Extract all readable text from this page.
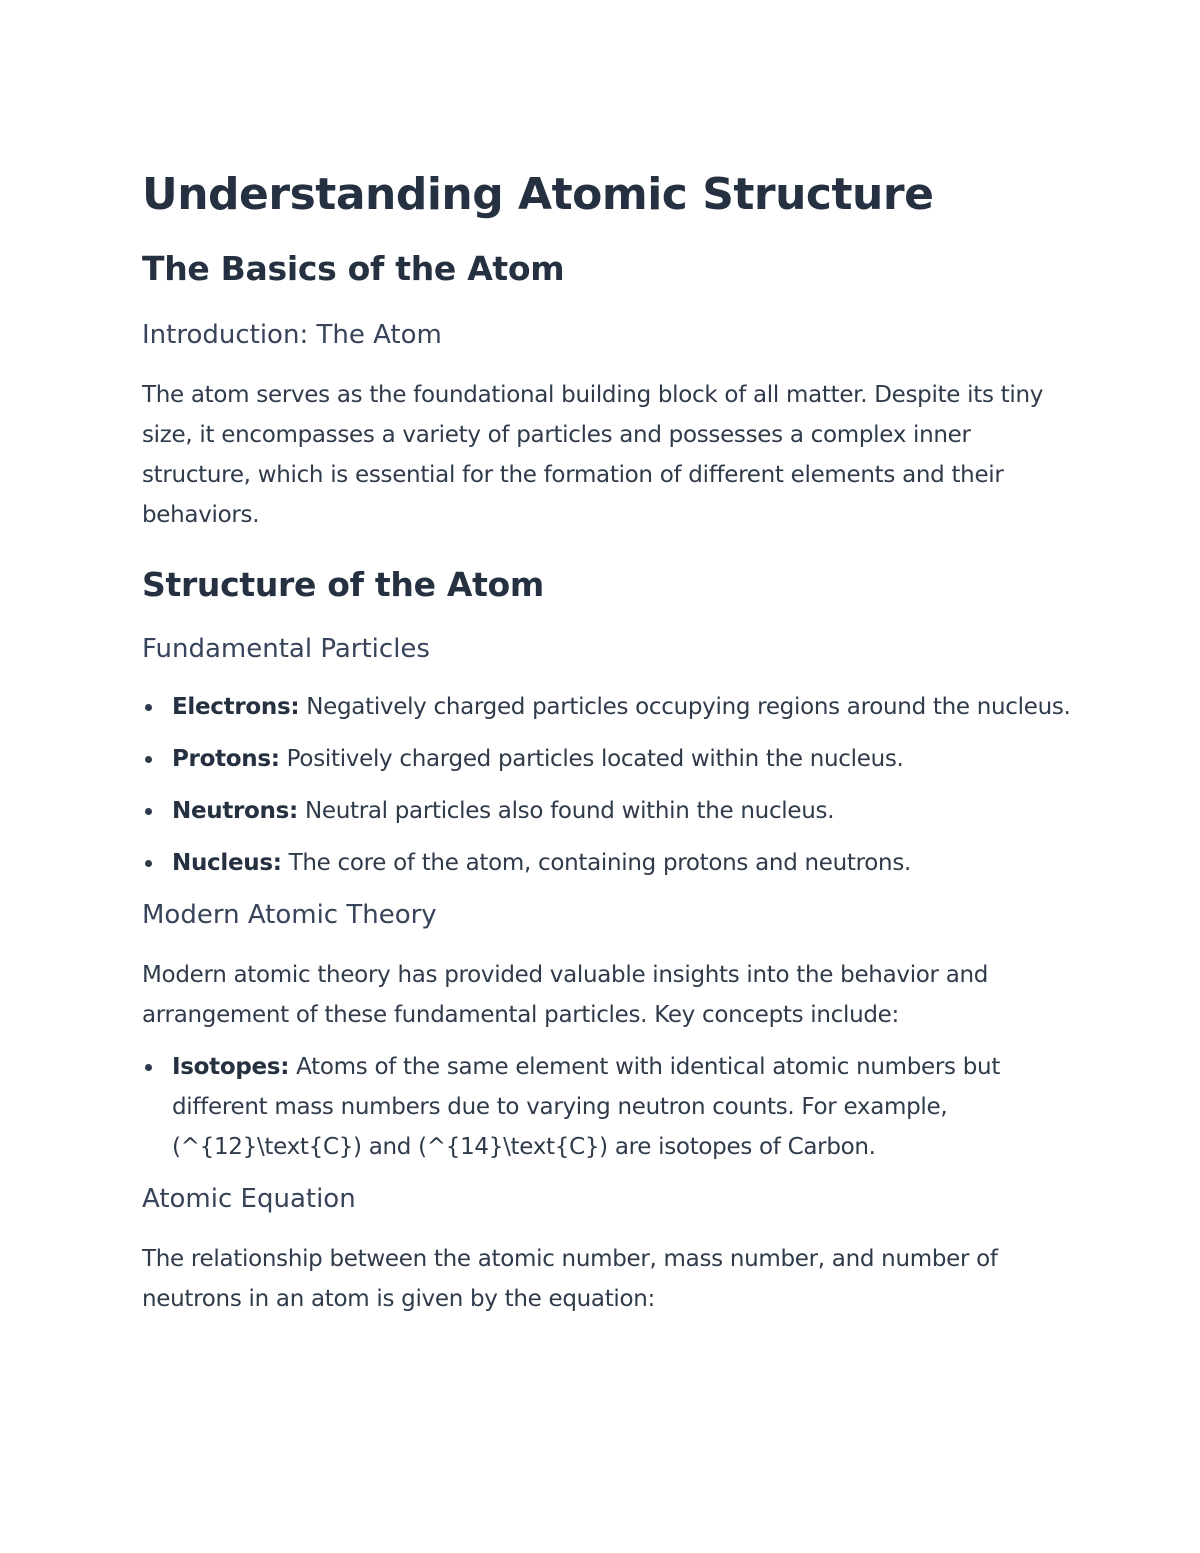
Understanding Atomic Structure
The Basics of the Atom
Introduction: The Atom

The atom serves as the foundational building block of all matter. Despite its tiny size, it encompasses a variety of particles and possesses a complex inner structure, which is essential for the formation of different elements and their behaviors.

Structure of the Atom
Fundamental Particles
Electrons: Negatively charged particles occupying regions around the nucleus.
Protons: Positively charged particles located within the nucleus.
Neutrons: Neutral particles also found within the nucleus.
Nucleus: The core of the atom, containing protons and neutrons.
Modern Atomic Theory

Modern atomic theory has provided valuable insights into the behavior and arrangement of these fundamental particles. Key concepts include:

Isotopes: Atoms of the same element with identical atomic numbers but different mass numbers due to varying neutron counts. For example, (^{12}\text{C}) and (^{14}\text{C}) are isotopes of Carbon.
Atomic Equation

The relationship between the atomic number, mass number, and number of neutrons in an atom is given by the equation:
